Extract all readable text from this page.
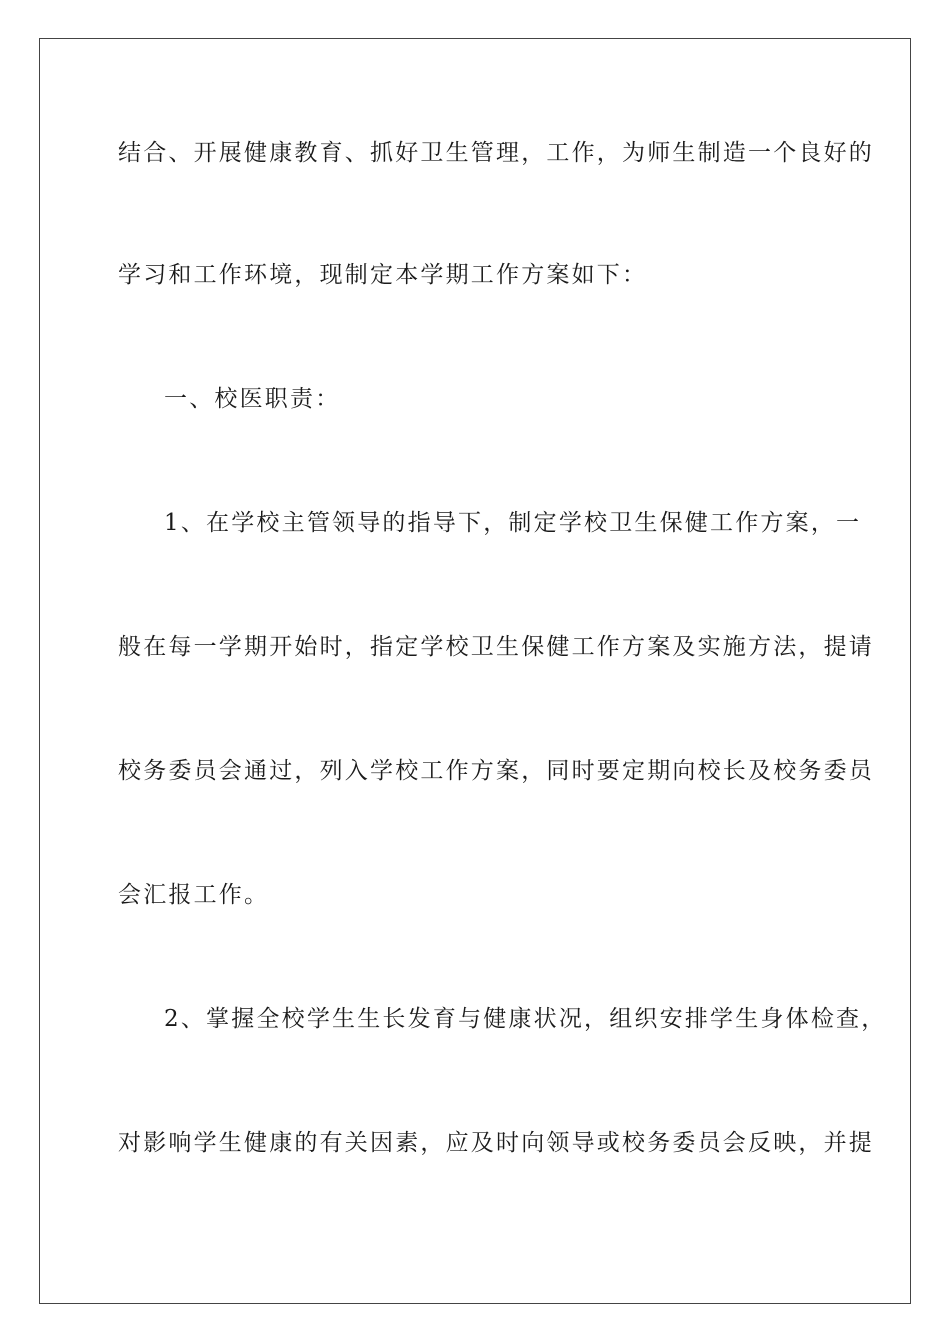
结合、开展健康教育、抓好卫生管理，工作，为师生制造一个良好的
学习和工作环境，现制定本学期工作方案如下：
一、校医职责：
1、在学校主管领导的指导下，制定学校卫生保健工作方案，一
般在每一学期开始时，指定学校卫生保健工作方案及实施方法，提请
校务委员会通过，列入学校工作方案，同时要定期向校长及校务委员
会汇报工作。
2、掌握全校学生生长发育与健康状况，组织安排学生身体检查，
对影响学生健康的有关因素，应及时向领导或校务委员会反映，并提
